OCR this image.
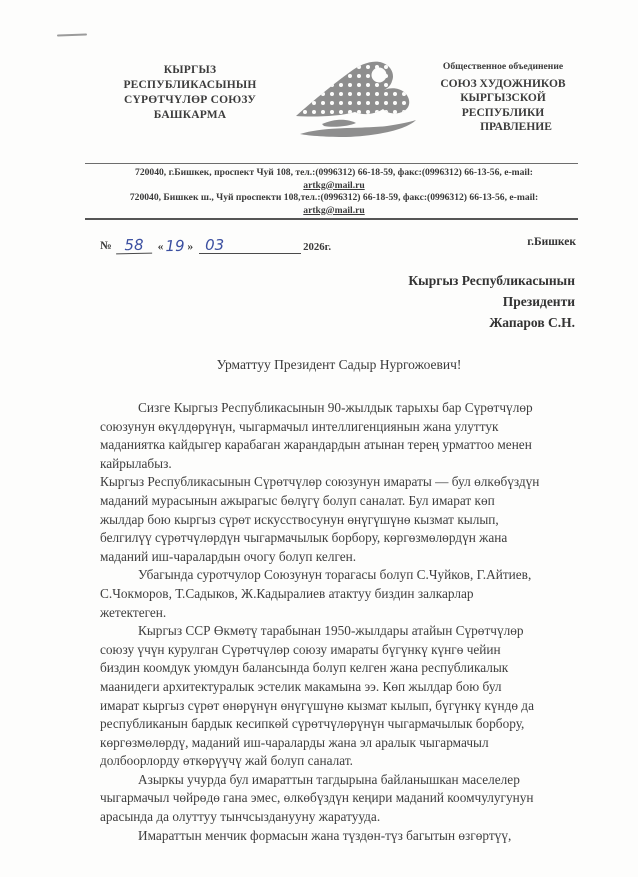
КЫРГЫЗ
РЕСПУБЛИКАСЫНЫН
СҮРӨТЧҮЛӨР СОЮЗУ
БАШКАРМА
Общественное объединение
СОЮЗ ХУДОЖНИКОВ
КЫРГЫЗСКОЙ
РЕСПУБЛИКИ
ПРАВЛЕНИЕ
720040, г.Бишкек, проспект Чуй 108, тел.:(0996312) 66-18-59, факс:(0996312) 66-13-56, e-mail:
artkg@mail.ru
720040, Бишкек ш., Чуй проспекти 108,тел.:(0996312) 66-18-59, факс:(0996312) 66-13-56, e-mail:
artkg@mail.ru
№ 58	« 19 » 03	2026г.	г.Бишкек
Кыргыз Республикасынын
Президенти
Жапаров С.Н.
Урматтуу Президент Садыр Нургожоевич!
Сизге Кыргыз Республикасынын 90-жылдык тарыхы бар Сүрөтчүлөр
союзунун өкүлдөрүнүн, чыгармачыл интеллигенциянын жана улуттук
маданиятка кайдыгер карабаган жарандардын атынан терең урматтоо менен
кайрылабыз.
Кыргыз Республикасынын Сүрөтчүлөр союзунун имараты — бул өлкөбүздүн
маданий мурасынын ажырагыс бөлүгү болуп саналат. Бул имарат көп
жылдар бою кыргыз сүрөт искусствосунун өнүгүшүнө кызмат кылып,
белгилүү сүрөтчүлөрдүн чыгармачылык борбору, көргөзмөлөрдүн жана
маданий иш-чаралардын очогу болуп келген.
Убагында суротчулор Союзунун торагасы болуп С.Чуйков, Г.Айтиев,
С.Чокморов, Т.Садыков, Ж.Кадыралиев атактуу биздин залкарлар
жетектеген.
Кыргыз ССР Өкмөтү тарабынан 1950-жылдары атайын Сүрөтчүлөр
союзу үчүн курулган Сүрөтчүлөр союзу имараты бүгүнкү күнгө чейин
биздин коомдук уюмдун балансында болуп келген жана республикалык
маанидеги архитектуралык эстелик макамына ээ. Көп жылдар бою бул
имарат кыргыз сүрөт өнөрүнүн өнүгүшүнө кызмат кылып, бүгүнкү күндө да
республиканын бардык кесипкөй сүрөтчүлөрүнүн чыгармачылык борбору,
көргөзмөлөрдү, маданий иш-чараларды жана эл аралык чыгармачыл
долбоорлорду өткөрүүчү жай болуп саналат.
Азыркы учурда бул имараттын тагдырына байланышкан маселелер
чыгармачыл чөйрөдө гана эмес, өлкөбүздүн кеңири маданий коомчулугунун
арасында да олуттуу тынчсызданууну жаратууда.
Имараттын менчик формасын жана түздөн-түз багытын өзгөртүү,
